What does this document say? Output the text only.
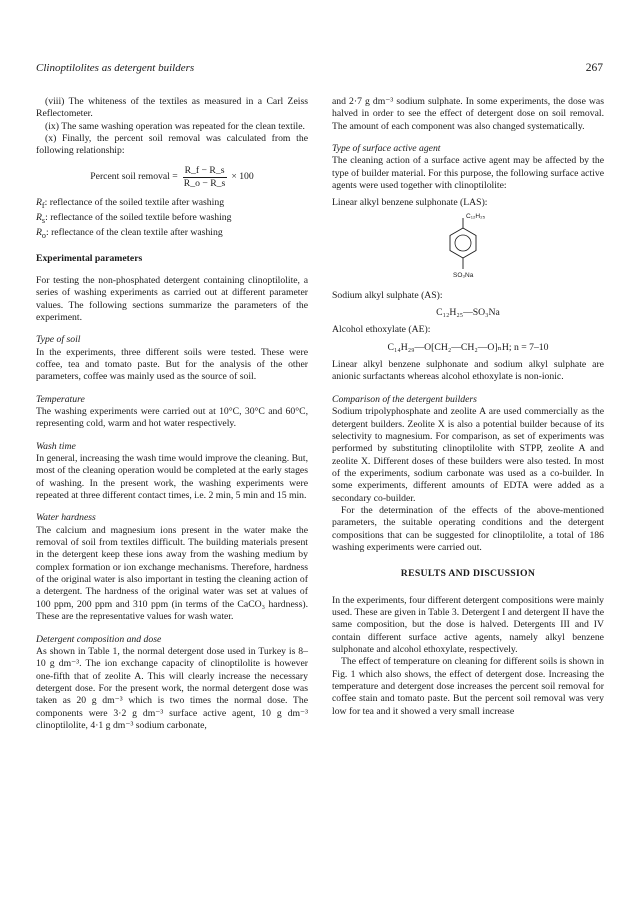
Clinoptilolites as detergent builders	267

(viii) The whiteness of the textiles as measured in a Carl Zeiss Reflectometer.

(ix) The same washing operation was repeated for the clean textile.

(x) Finally, the percent soil removal was calculated from the following relationship:

Percent soil removal = $\frac{R\_f - R\_s}{R\_o - R\_s} \times 100$

$R_f$: reflectance of the soiled textile after washing

$R_s$: reflectance of the soiled textile before washing

$R_o$: reflectance of the clean textile after washing

Experimental parameters

For testing the non-phosphated detergent containing clinoptilolite, a series of washing experiments as carried out at different parameter values. The following sections summarize the parameters of the experiment.

Type of soil

In the experiments, three different soils were tested. These were coffee, tea and tomato paste. But for the analysis of the other parameters, coffee was mainly used as the source of soil.

Temperature

The washing experiments were carried out at 10°C, 30°C and 60°C, representing cold, warm and hot water respectively.

Wash time

In general, increasing the wash time would improve the cleaning. But, most of the cleaning operation would be completed at the early stages of washing. In the present work, the washing experiments were repeated at three different contact times, i.e. 2 min, 5 min and 15 min.

Water hardness

The calcium and magnesium ions present in the water make the removal of soil from textiles difficult. The building materials present in the detergent keep these ions away from the washing medium by complex formation or ion exchange mechanisms. Therefore, hardness of the original water is also important in testing the cleaning action of a detergent. The hardness of the original water was set at values of 100 ppm, 200 ppm and 310 ppm (in terms of the CaCO₃ hardness). These are the representative values for wash water.

Detergent composition and dose

As shown in Table 1, the normal detergent dose used in Turkey is 8–10 g dm⁻³. The ion exchange capacity of clinoptilolite is however one-fifth that of zeolite A. This will clearly increase the necessary detergent dose. For the present work, the normal detergent dose was taken as 20 g dm⁻³ which is two times the normal dose. The components were 3·2 g dm⁻³ surface active agent, 10 g dm⁻³ clinoptilolite, 4·1 g dm⁻³ sodium carbonate,

and 2·7 g dm⁻³ sodium sulphate. In some experiments, the dose was halved in order to see the effect of detergent dose on soil removal. The amount of each component was also changed systematically.

Type of surface active agent

The cleaning action of a surface active agent may be affected by the type of builder material. For this purpose, the following surface active agents were used together with clinoptilolite:

Linear alkyl benzene sulphonate (LAS):

C₁₂H₂₅
SO₃Na

Sodium alkyl sulphate (AS):

C₁₂H₂₅—SO₃Na

Alcohol ethoxylate (AE):

C₁₄H₂₉—O[CH₂—CH₂—O]ₙH; n = 7–10

Linear alkyl benzene sulphonate and sodium alkyl sulphate are anionic surfactants whereas alcohol ethoxylate is non-ionic.

Comparison of the detergent builders

Sodium tripolyphosphate and zeolite A are used commercially as the detergent builders. Zeolite X is also a potential builder because of its selectivity to magnesium. For comparison, as set of experiments was performed by substituting clinoptilolite with STPP, zeolite A and zeolite X. Different doses of these builders were also tested. In most of the experiments, sodium carbonate was used as a co-builder. In some experiments, different amounts of EDTA were added as a secondary co-builder.

For the determination of the effects of the above-mentioned parameters, the suitable operating conditions and the detergent compositions that can be suggested for clinoptilolite, a total of 186 washing experiments were carried out.

RESULTS AND DISCUSSION

In the experiments, four different detergent compositions were mainly used. These are given in Table 3. Detergent I and detergent II have the same composition, but the dose is halved. Detergents III and IV contain different surface active agents, namely alkyl benzene sulphonate and alcohol ethoxylate, respectively.

The effect of temperature on cleaning for different soils is shown in Fig. 1 which also shows, the effect of detergent dose. Increasing the temperature and detergent dose increases the percent soil removal for coffee stain and tomato paste. But the percent soil removal was very low for tea and it showed a very small increase
